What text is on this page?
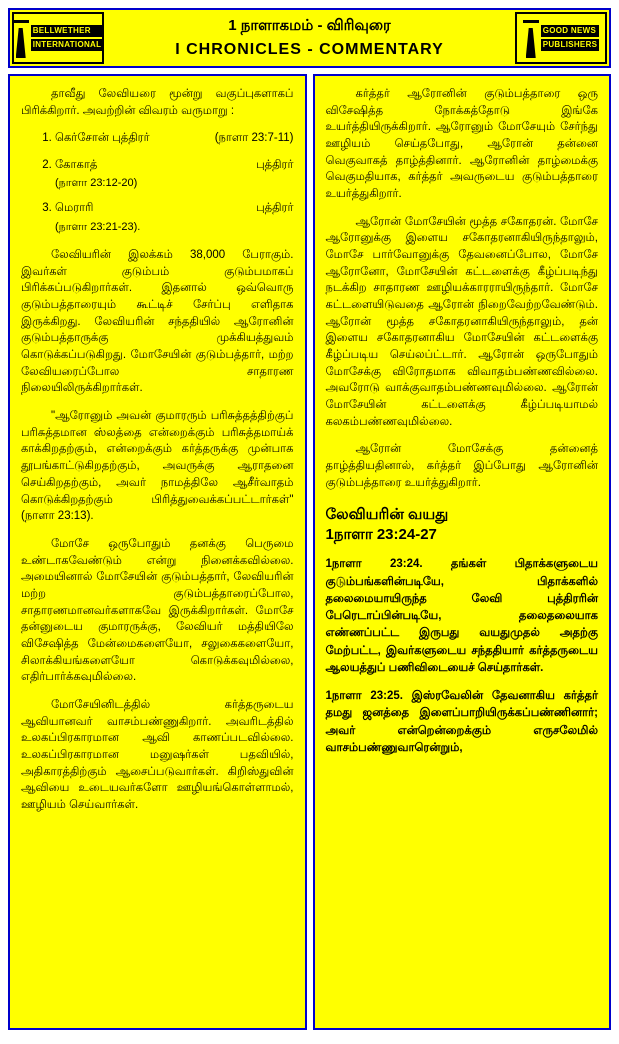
BELLWETHER
INTERNATIONAL
1 நாளாகமம் - விரிவுரை
I CHRONICLES - COMMENTARY
GOOD NEWS
PUBLISHERS

தாவீது லேவியரை மூன்று வகுப்புகளாகப் பிரிக்கிறார். அவற்றின் விவரம் வருமாறு :

1. கெர்சோன் புத்திரர்	(நாளா 23:7-11)
2. கோகாத்	புத்திரர்
(நாளா 23:12-20)
3. மெராரி	புத்திரர்
(நாளா 23:21-23).

லேவியரின் இலக்கம் 38,000 பேராகும். இவர்கள் குடும்பம் குடும்பமாகப் பிரிக்கப்படுகிறார்கள். இதனால் ஒவ்வொரு குடும்பத்தாரையும் கூட்டிச் சேர்ப்பு எளிதாக இருக்கிறது. லேவியரின் சந்ததியில் ஆரோனின் குடும்பத்தாருக்கு முக்கியத்துவம் கொடுக்கப்படுகிறது. மோசேயின் குடும்பத்தார், மற்ற லேவியரைப்போல சாதாரண நிலையிலிருக்கிறார்கள்.

"ஆரோனும் அவன் குமாரரும் பரிசுத்தத்திற்குப் பரிசுத்தமான ஸ்லத்தை என்றைக்கும் பரிசுத்தமாய்க் காக்கிறதற்கும், என்றைக்கும் கர்த்தருக்கு முன்பாக தூபங்காட்டுகிறதற்கும், அவருக்கு ஆராதனை செய்கிறதற்கும், அவர் நாமத்திலே ஆசீர்வாதம் கொடுக்கிறதற்கும் பிரித்துவைக்கப்பட்டார்கள்" (நாளா 23:13).

மோசே ஒருபோதும் தனக்கு பெருமை உண்டாகவேண்டும் என்று நினைக்கவில்லை. அமையினால் மோசேயின் குடும்பத்தார், லேவியரின் மற்ற குடும்பத்தாரைப்போல, சாதாரணமானவர்களாகவே இருக்கிறார்கள். மோசே தன்னுடைய குமாரருக்கு, லேவியர் மத்தியிலே விசேஷித்த மேன்மைகளையோ, சலுகைகளையோ, சிலாக்கியங்களையோ கொடுக்கவுமில்லை, எதிர்பார்க்கவுமில்லை.

மோசேயினிடத்தில் கர்த்தருடைய ஆவியானவர் வாசம்பண்ணுகிறார். அவரிடத்தில் உலகப்பிரகாரமான ஆவி காணப்படவில்லை. உலகப்பிரகாரமான மனுஷர்கள் பதவியில், அதிகாரத்திற்கும் ஆசைப்படுவார்கள். கிறிஸ்துவின் ஆவியை உடையவர்களோ ஊழியங்கொள்ளாமல், ஊழியம் செய்வார்கள்.

கர்த்தர் ஆரோனின் குடும்பத்தாரை ஒரு விசேஷித்த நோக்கத்தோடு இங்கே உயர்த்தியிருக்கிறார். ஆரோனும் மோசேயும் சேர்ந்து ஊழியம் செய்தபோது, ஆரோன் தன்னை வெகுவாகத் தாழ்த்தினார். ஆரோனின் தாழ்மைக்கு வெகுமதியாக, கர்த்தர் அவருடைய குடும்பத்தாரை உயர்த்துகிறார்.

ஆரோன் மோசேயின் மூத்த சகோதரன். மோசே ஆரோனுக்கு இளைய சகோதரனாகியிருந்தாலும், மோசே பார்வோனுக்கு தேவனைப்போல, மோசே ஆரோனோ, மோசேயின் கட்டளைக்கு கீழ்ப்படிந்து நடக்கிற சாதாரண ஊழியக்காரராயிருந்தார். மோசே கட்டளையிடுவதை ஆரோன் நிறைவேற்றவேண்டும். ஆரோன் மூத்த சகோதரனாகியிருந்தாலும், தன் இளைய சகோதரனாகிய மோசேயின் கட்டளைக்கு கீழ்ப்படிய செய்லப்ட்டார். ஆரோன் ஒருபோதும் மோசேக்கு விரோதமாக விவாதம்பண்ணவில்லை. அவரோடு வாக்குவாதம்பண்ணவுமில்லை. ஆரோன் மோசேயின் கட்டளைக்கு கீழ்ப்படியாமல் கலகம்பண்ணவுமில்லை.

ஆரோன் மோசேக்கு தன்னைத் தாழ்த்தியதினால், கர்த்தர் இப்போது ஆரோனின் குடும்பத்தாரை உயர்த்துகிறார்.

லேவியரின் வயது
1நாளா 23:24-27

1நாளா 23:24. தங்கள் பிதாக்களுடைய குடும்பங்களின்படியே, பிதாக்களில் தலைமையாயிருந்த லேவி புத்திரரின் பேரெடாப்பின்படியே, தலைதலையாக எண்ணப்பட்ட இருபது வயதுமுதல் அதற்கு மேற்பட்ட, இவர்களுடைய சந்ததியார் கர்த்தருடைய ஆலயத்துப் பணிவிடையைச் செய்தார்கள்.

1நாளா 23:25. இஸ்ரவேலின் தேவனாகிய கர்த்தர் தமது ஜனத்தை இளைப்பாறியிருக்கப்பண்ணினார்; அவர் என்றென்றைக்கும் எருசலேமில் வாசம்பண்ணுவாரென்றும்,
